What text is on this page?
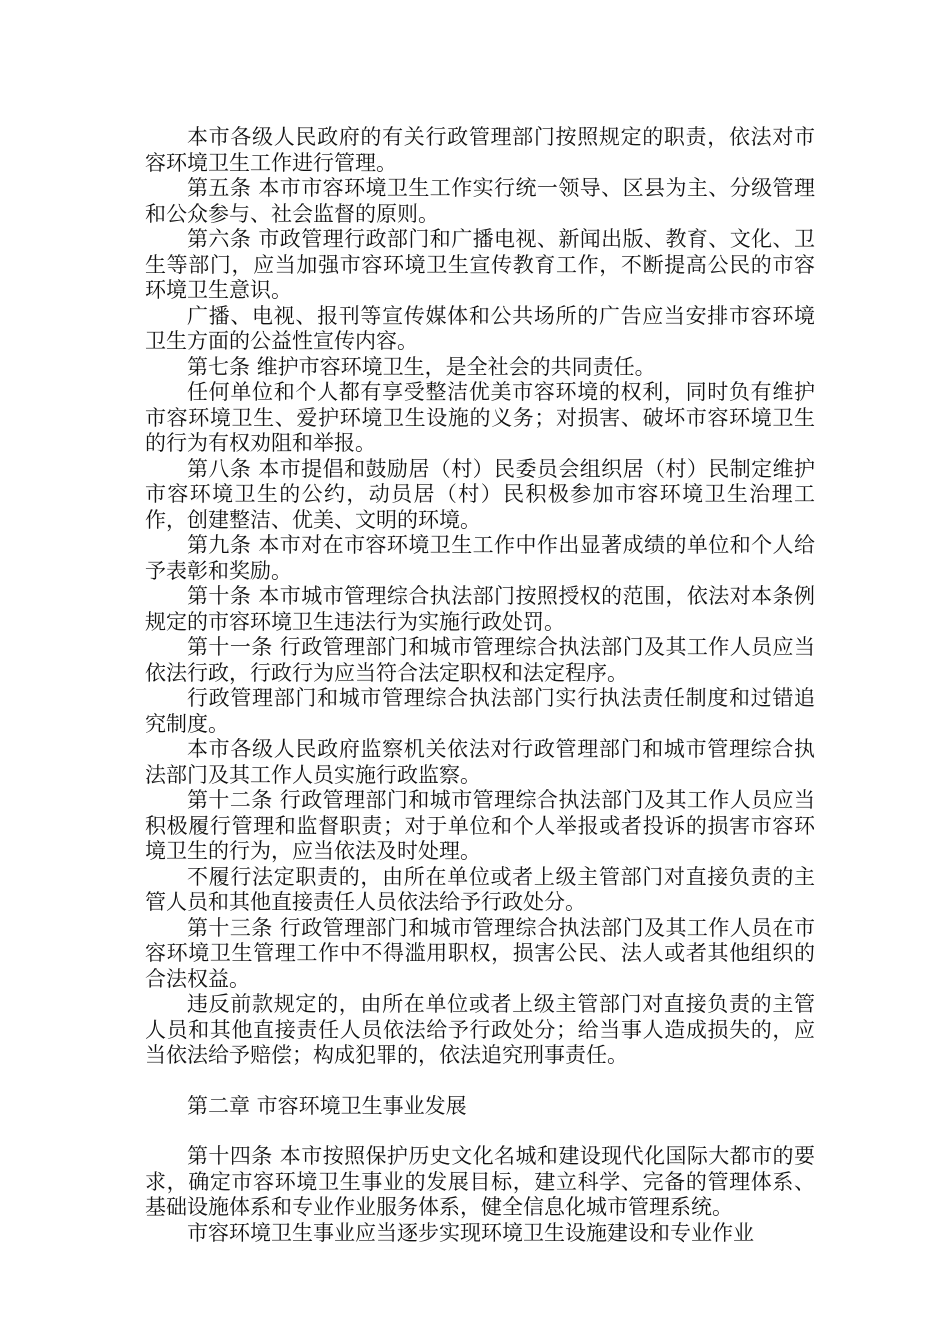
本市各级人民政府的有关行政管理部门按照规定的职责，依法对市容环境卫生工作进行管理。

第五条 本市市容环境卫生工作实行统一领导、区县为主、分级管理和公众参与、社会监督的原则。

第六条 市政管理行政部门和广播电视、新闻出版、教育、文化、卫生等部门，应当加强市容环境卫生宣传教育工作，不断提高公民的市容环境卫生意识。

广播、电视、报刊等宣传媒体和公共场所的广告应当安排市容环境卫生方面的公益性宣传内容。

第七条 维护市容环境卫生，是全社会的共同责任。

任何单位和个人都有享受整洁优美市容环境的权利，同时负有维护市容环境卫生、爱护环境卫生设施的义务；对损害、破坏市容环境卫生的行为有权劝阻和举报。

第八条 本市提倡和鼓励居（村）民委员会组织居（村）民制定维护市容环境卫生的公约，动员居（村）民积极参加市容环境卫生治理工作，创建整洁、优美、文明的环境。

第九条 本市对在市容环境卫生工作中作出显著成绩的单位和个人给予表彰和奖励。

第十条 本市城市管理综合执法部门按照授权的范围，依法对本条例规定的市容环境卫生违法行为实施行政处罚。

第十一条 行政管理部门和城市管理综合执法部门及其工作人员应当依法行政，行政行为应当符合法定职权和法定程序。

行政管理部门和城市管理综合执法部门实行执法责任制度和过错追究制度。

本市各级人民政府监察机关依法对行政管理部门和城市管理综合执法部门及其工作人员实施行政监察。

第十二条 行政管理部门和城市管理综合执法部门及其工作人员应当积极履行管理和监督职责；对于单位和个人举报或者投诉的损害市容环境卫生的行为，应当依法及时处理。

不履行法定职责的，由所在单位或者上级主管部门对直接负责的主管人员和其他直接责任人员依法给予行政处分。

第十三条 行政管理部门和城市管理综合执法部门及其工作人员在市容环境卫生管理工作中不得滥用职权，损害公民、法人或者其他组织的合法权益。

违反前款规定的，由所在单位或者上级主管部门对直接负责的主管人员和其他直接责任人员依法给予行政处分；给当事人造成损失的，应当依法给予赔偿；构成犯罪的，依法追究刑事责任。

第二章 市容环境卫生事业发展

第十四条 本市按照保护历史文化名城和建设现代化国际大都市的要求，确定市容环境卫生事业的发展目标，建立科学、完备的管理体系、基础设施体系和专业作业服务体系，健全信息化城市管理系统。

市容环境卫生事业应当逐步实现环境卫生设施建设和专业作业
